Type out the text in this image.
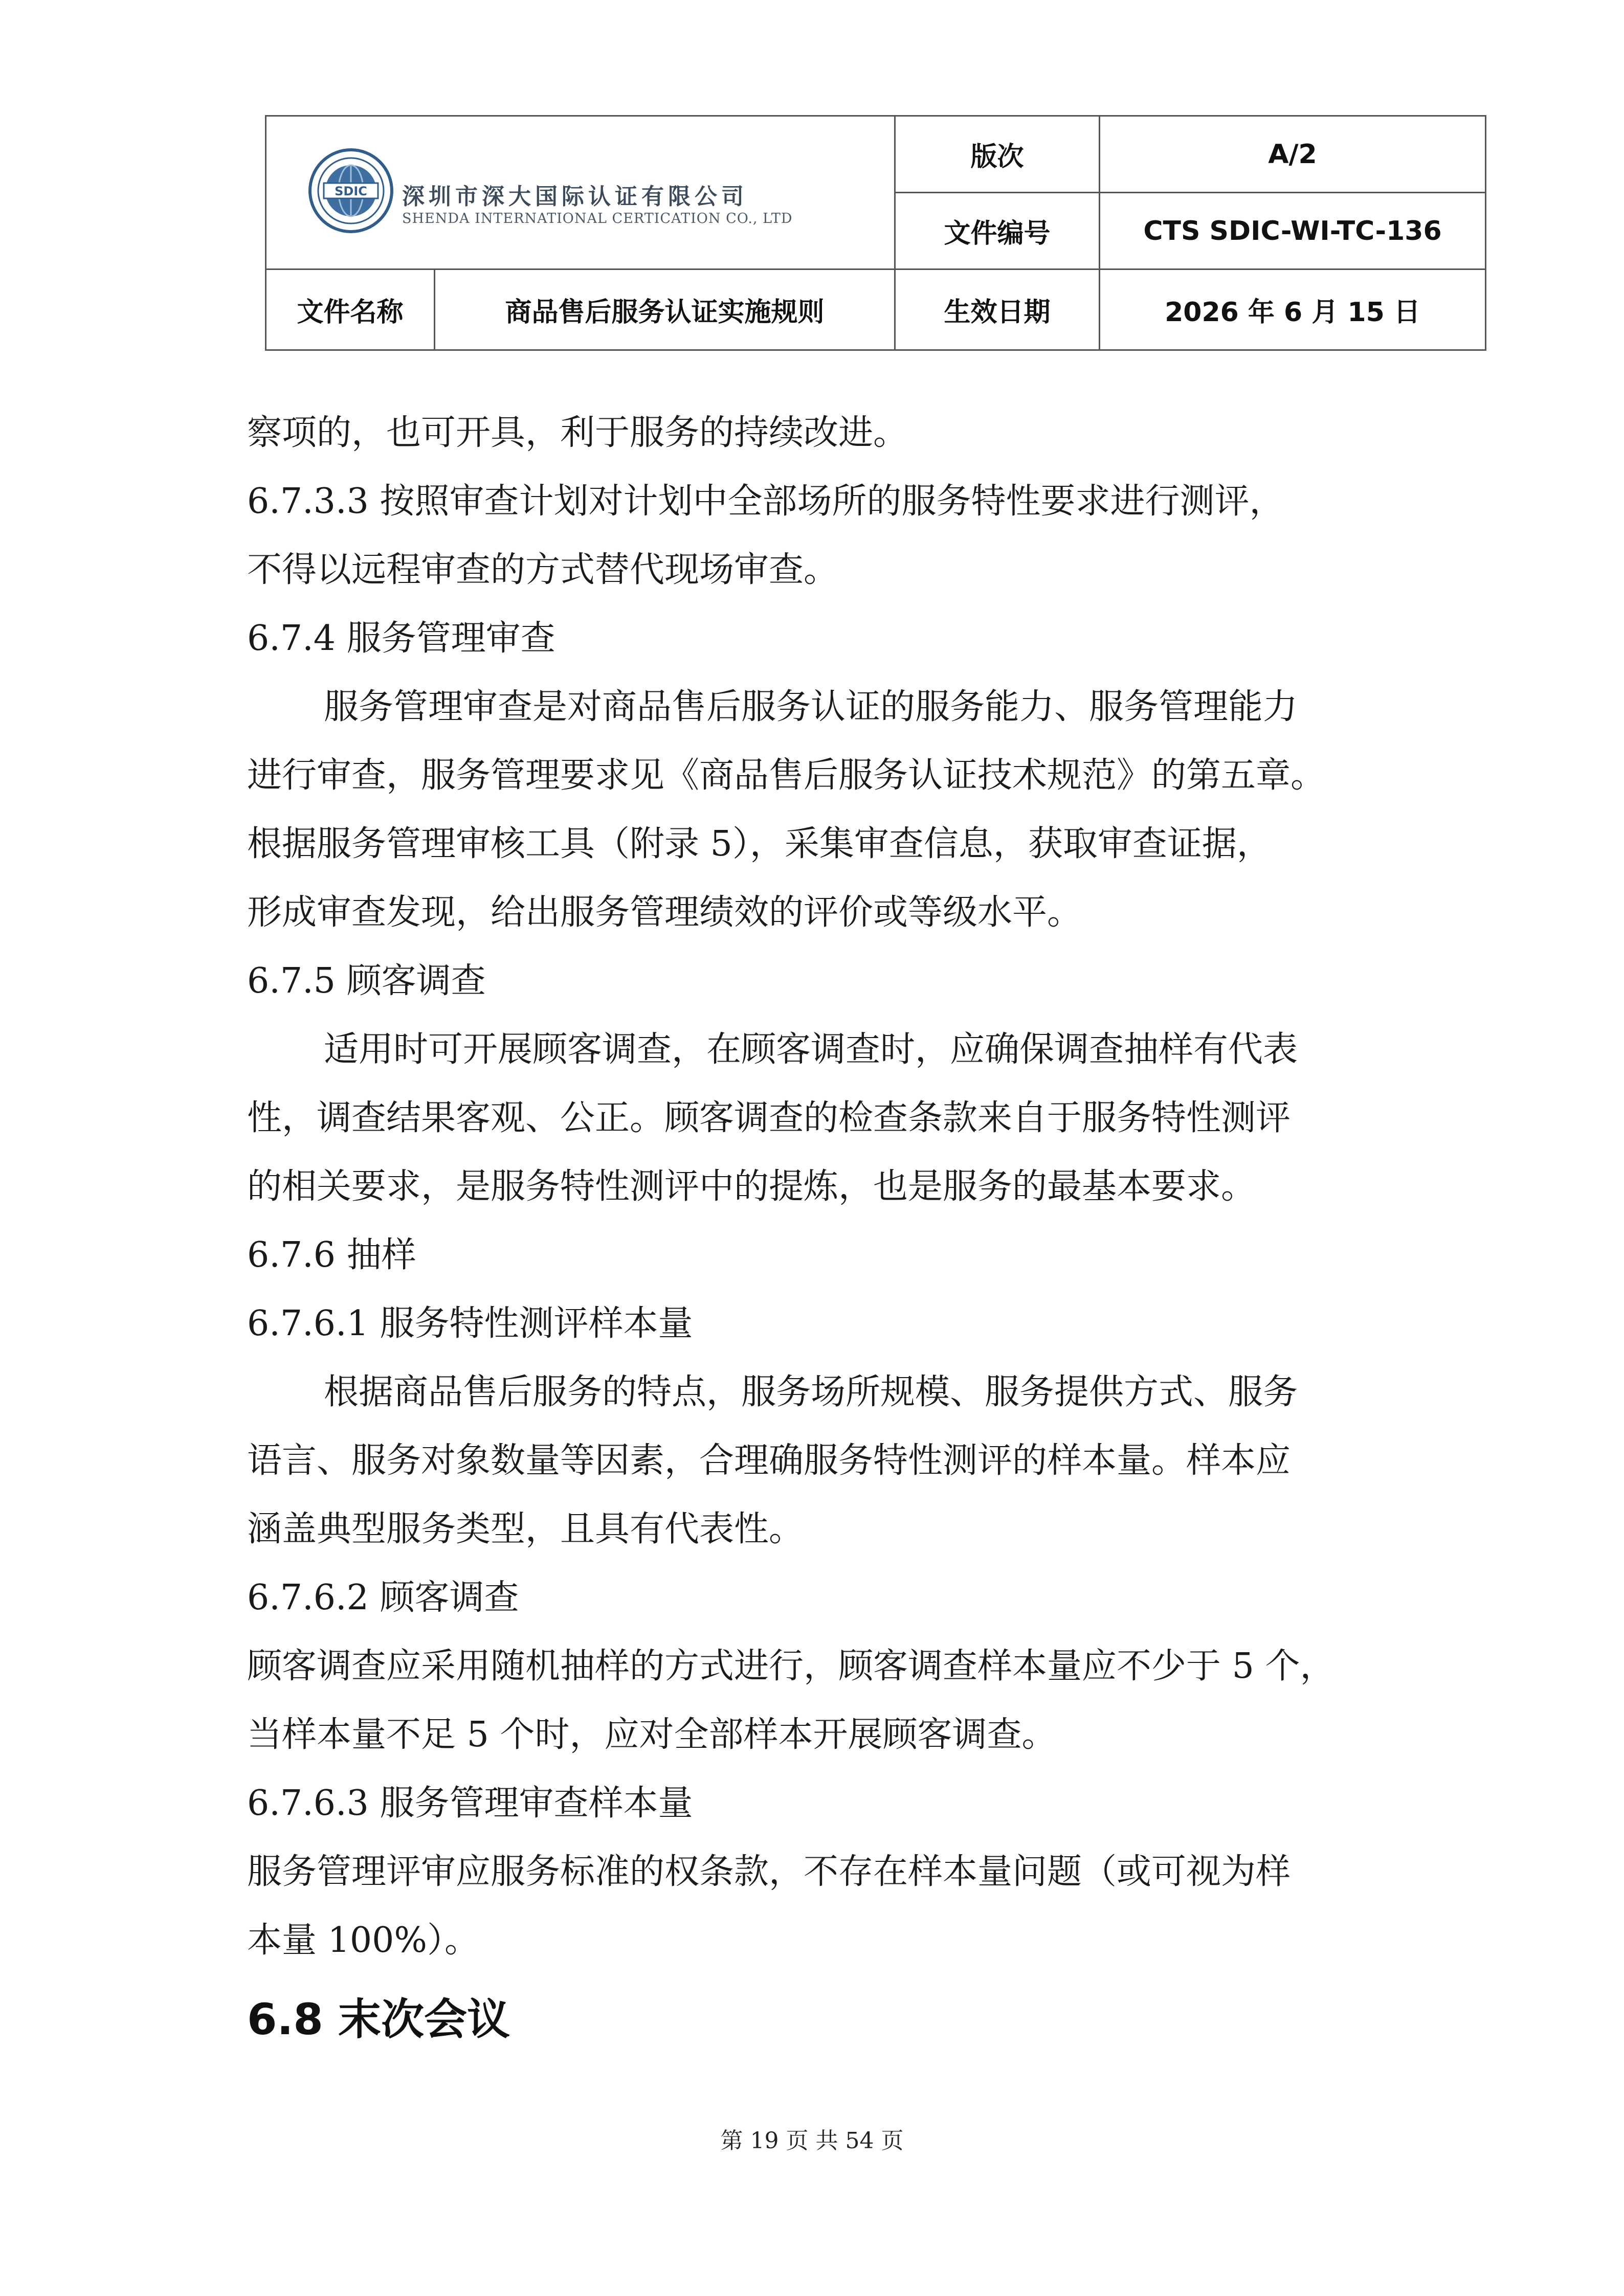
SDIC 深圳市深大国际认证有限公司
SHENDA INTERNATIONAL CERTICATION CO., LTD		版次	A/2
		文件编号	CTS SDIC-WI-TC-136
文件名称	商品售后服务认证实施规则	生效日期	2026 年 6 月 15 日

察项的，也可开具，利于服务的持续改进。

6.7.3.3 按照审查计划对计划中全部场所的服务特性要求进行测评，

不得以远程审查的方式替代现场审查。

6.7.4 服务管理审查

服务管理审查是对商品售后服务认证的服务能力、服务管理能力

进行审查，服务管理要求见《商品售后服务认证技术规范》的第五章。

根据服务管理审核工具（附录 5），采集审查信息，获取审查证据，

形成审查发现，给出服务管理绩效的评价或等级水平。

6.7.5 顾客调查

适用时可开展顾客调查，在顾客调查时，应确保调查抽样有代表

性，调查结果客观、公正。顾客调查的检查条款来自于服务特性测评

的相关要求，是服务特性测评中的提炼，也是服务的最基本要求。

6.7.6 抽样

6.7.6.1 服务特性测评样本量

根据商品售后服务的特点，服务场所规模、服务提供方式、服务

语言、服务对象数量等因素，合理确服务特性测评的样本量。样本应

涵盖典型服务类型，且具有代表性。

6.7.6.2 顾客调查

顾客调查应采用随机抽样的方式进行，顾客调查样本量应不少于 5 个，

当样本量不足 5 个时，应对全部样本开展顾客调查。

6.7.6.3 服务管理审查样本量

服务管理评审应服务标准的权条款，不存在样本量问题（或可视为样

本量 100%）。

6.8 末次会议
第 19 页 共 54 页
